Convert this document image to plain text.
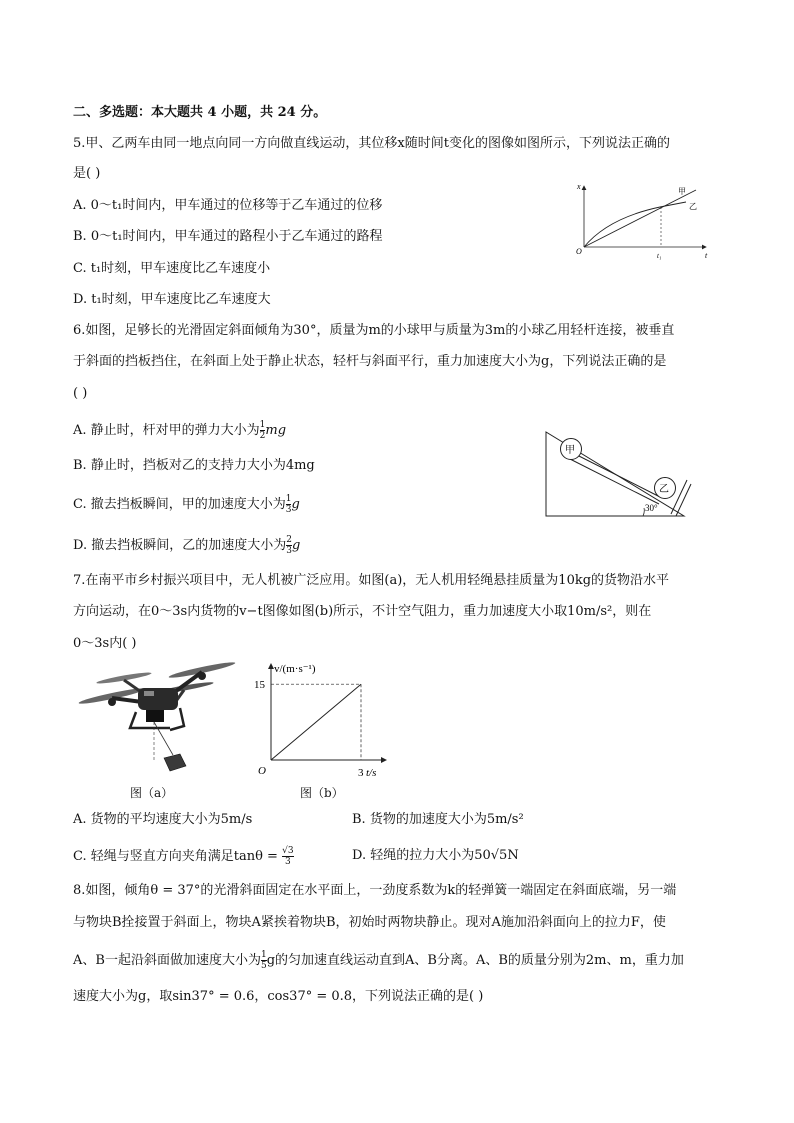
二、多选题：本大题共 4 小题，共 24 分。
5.甲、乙两车由同一地点向同一方向做直线运动，其位移x随时间t变化的图像如图所示，下列说法正确的
是( )
A. 0～t₁时间内，甲车通过的位移等于乙车通过的位移
B. 0～t₁时间内，甲车通过的路程小于乙车通过的路程
C. t₁时刻，甲车速度比乙车速度小
D. t₁时刻，甲车速度比乙车速度大
x
t
O	t₁
甲
乙
6.如图，足够长的光滑固定斜面倾角为30°，质量为m的小球甲与质量为3m的小球乙用轻杆连接，被垂直
于斜面的挡板挡住，在斜面上处于静止状态，轻杆与斜面平行，重力加速度大小为g，下列说法正确的是
( )
A. 静止时，杆对甲的弹力大小为 $\frac{1}{2}$ mg
B. 静止时，挡板对乙的支持力大小为4mg
C. 撤去挡板瞬间，甲的加速度大小为 $\frac{1}{3}$ g
D. 撤去挡板瞬间，乙的加速度大小为 $\frac{2}{3}$ g
甲
乙
30°
7.在南平市乡村振兴项目中，无人机被广泛应用。如图(a)，无人机用轻绳悬挂质量为10kg的货物沿水平
方向运动，在0～3s内货物的v−t图像如图(b)所示，不计空气阻力，重力加速度大小取10m/s²，则在
0～3s内( )
图（a）
v/(m·s⁻¹)
t/s
O
15
3
图（b）
A. 货物的平均速度大小为5m/s	B. 货物的加速度大小为5m/s²
C. 轻绳与竖直方向夹角满足$\tan\theta = \frac{√3}{3}$	D. 轻绳的拉力大小为50√5N
8.如图，倾角θ = 37°的光滑斜面固定在水平面上，一劲度系数为k的轻弹簧一端固定在斜面底端，另一端
与物块B拴接置于斜面上，物块A紧挨着物块B，初始时两物块静止。现对A施加沿斜面向上的拉力F，使
A、B一起沿斜面做加速度大小为 $\frac{1}{5}$ g的匀加速直线运动直到A、B分离。A、B的质量分别为2m、m，重力加
速度大小为g，取sin37° = 0.6，cos37° = 0.8，下列说法正确的是( )
